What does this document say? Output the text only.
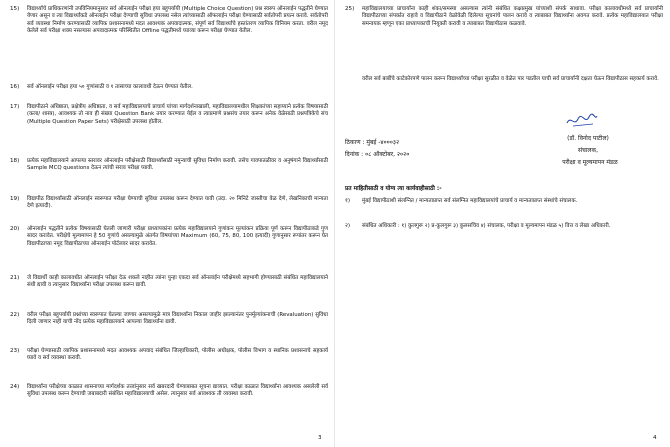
15)	विद्यार्थ्यांचे प्राधिकरणांनी उपविनियमानुसार सर्व ऑनलाईन परीक्षा हया बहुपर्यायी (Multiple Choice Question) प्रश्न स्वरुप ऑनलाईन पद्धतीने घेण्यात येणार असून व त्या विद्यार्थ्यांकडे ऑनलाईन परीक्षा देण्याची सुविधा उपलब्ध नसेल त्यांच्यासाठी ऑफलाईन परीक्षा घेण्यासाठी सर्वतोपरी प्रयत्न करावे. सर्वतोपरी सर्व व्यवस्था निर्माण करण्यासाठी व्यापिक प्रशासनामध्ये मदत आवश्यक अपवादात्मक, संपूर्ण सर्व विद्यार्थ्यांचे हस्तांतरण व्यापिक विनियम करता. वरील नमूद केलेले सर्व परीक्षा शक्य नसल्यास अपवादात्मक परिस्थितीत Offline पद्धतीमध्ये घ्याव्या करून परीक्षा घेण्यात येतील.
16)	सर्व ऑनलाईन परीक्षा हया ५० गुणांसाठी व १ तासाच्या कालावधी देऊन घेण्यात येतील.
17)	विद्यापीठाने अधिष्ठाता, प्रक्षेत्रीय अधिष्ठाता, व सर्व महाविद्यालयाचे प्राचार्य यांच्या मार्गदर्शनाखाली, महाविद्यालयामधील शिक्षकांच्या सहाय्याने प्रत्येक विषयासाठी (कला/ शास्त्र), आवश्यक तो नाव ही संख्या Question Bank तयार करण्यात येईल व त्याप्रमाणे प्रश्नसंच तयार करून अनेक वेळेसाठी प्रश्नपत्रिकेचे संच (Multiple Question Paper Sets) परीक्षेसाठी उपलब्ध होतील.
18)	प्रत्येक महाविद्यालयाने आपल्या स्तरावर ऑनलाईन परीक्षेसाठी विद्यार्थ्यांसाठी नमुन्याची सुविधा निर्माण करावी. तसेच गावपातळीवर व अनुषंगाने विद्यार्थ्यांसाठी Sample MCQ questions देऊन त्यांची सराव परीक्षा घ्यावी.
19)	विद्यापीठ विद्यार्थ्यांसाठी ऑनलाईन स्वरूपात परीक्षा घेण्याची सुविधा उपलब्ध करून देण्यात यावी (उदा. २० मिनिटे जास्तीचा वेळ देणे, लेखनिकाची मान्यता देणे इत्यादी).
20)	ऑनलाईन पद्धतीने प्रत्येक विषयासाठी घेतली जाणारी परीक्षा प्राध्यापकांना प्रत्येक महाविद्यालयाने गुणांकन मूल्यांकन प्रक्रिया पूर्ण करून विद्यापीठाकडे गुण सादर करावेत. परीक्षेचे मूल्यमापन हे 50 गुणांचे असल्यामुळे अंतर्गत विषयांच्या Maximum (60, 75, 80, 100 इत्यादी) गुणानुसार रूपांतर करून घेत विद्यापीठाच्या नमूद विद्यापीठाच्या ऑनलाईन पोर्टलवर सादर करावेत.
21)	जे विद्यार्थी काही कालावधीत ऑनलाईन परीक्षा देऊ शकले नाहीत त्यांना पुन्हा एकदा सर्व ऑनलाईन परीक्षेमध्ये सहभागी होण्यासाठी संबंधित महाविद्यालयाने संधी द्यावी व त्यानुसार विद्यार्थ्यांना परीक्षा उपलब्ध करून द्यावी.
22)	वरील परीक्षा बहुपर्यायी प्रश्नांच्या स्वरूपात घेतल्या जाणार असल्यामुळे मात्र विद्यार्थ्यांना निकाल जाहीर झाल्यानंतर पुनर्मूल्यांकनाची (Revaluation) सुविधा दिली जाणार नाही याची नोंद प्रत्येक महाविद्यालयाने आपल्या विद्यार्थ्यांना द्यावी.
23)	परीक्षा घेण्यासाठी व्यापिक प्रशासनामध्ये मदत आवश्यक अपवाद संबंधित जिल्हाधिकारी, पोलीस अधीक्षक, पोलीस विभाग व स्थानिक प्रशासनाचे सहकार्य घ्यावे व सर्व व्यवस्था करावी.
24)	विद्यार्थ्यांना परीक्षेच्या काळात शासनाच्या मार्गदर्शक तत्त्वांनुसार सर्व खबरदारी घेण्याबाबत सूचना द्याव्यात. परीक्षा काळात विद्यार्थ्यांना आवश्यक असलेली सर्व सुविधा उपलब्ध करून देण्याची जबाबदारी संबंधित महाविद्यालयाची असेल. त्यानुसार सर्व आवश्यक ती व्यवस्था करावी.
3
25)	महाविद्यालयाच्या प्राचार्यांना काही शंका/समस्या असल्यास त्यांनी संबंधित कक्षप्रमुख यांच्याशी संपर्क साधावा. परीक्षा कालावधीमध्ये सर्व प्राचार्यांनी विद्यापीठाच्या संपर्कात राहावे व विद्यापीठाने वेळोवेळी दिलेल्या सूचनांचे पालन करावे व त्याबाबत विद्यार्थ्यांना अवगत करावे. प्रत्येक महाविद्यालयात परीक्षा समन्वयक म्हणून एका प्राध्यापकाची नियुक्ती करावी व त्याबाबत विद्यापीठास कळवावे.
वरील सर्व बाबींचे काटेकोरपणे पालन करून विद्यार्थ्यांच्या परीक्षा सुरळीत व वेळेत पार पडतील याची सर्व प्राचार्यांनी दक्षता घेऊन विद्यापीठास सहकार्य करावे.
ठिकाण : मुंबई -४०००३२
दिनांक : ०८ ऑक्टोबर, २०२०
(डॉ. विनोद पाटील)
संचालक,
परीक्षा व मूल्यमापन मंडळ
प्रत माहितीसाठी व योग्य त्या कार्यवाहीसाठी :-
१)	मुंबई विद्यापीठाशी संलग्नित / मान्यताप्राप्त सर्व संलग्नित महाविद्यालयांचे प्राचार्य व मान्यताप्राप्त संस्थांचे संचालक.
२)	संबंधित अधिकारी : १) कुलगुरू २) प्र-कुलगुरू ३) कुलसचिव ४) संचालक, परीक्षा व मूल्यमापन मंडळ ५) वित्त व लेखा अधिकारी.
4
